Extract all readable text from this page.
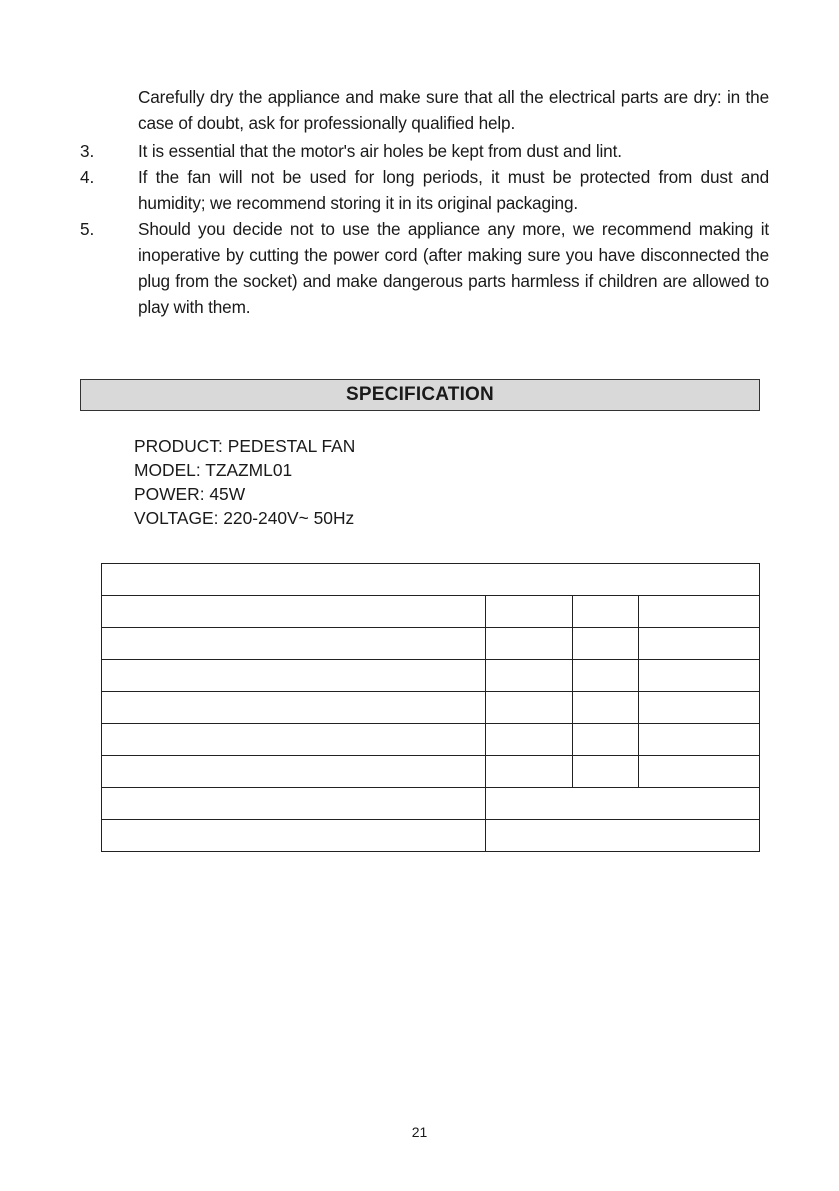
Carefully dry the appliance and make sure that all the electrical parts are dry: in the case of doubt, ask for professionally qualified help.
3.	It is essential that the motor's air holes be kept from dust and lint.
4.	If the fan will not be used for long periods, it must be protected from dust and humidity; we recommend storing it in its original packaging.
5.	Should you decide not to use the appliance any more, we recommend making it inoperative by cutting the power cord (after making sure you have disconnected the plug from the socket) and make dangerous parts harmless if children are allowed to play with them.
SPECIFICATION
PRODUCT: PEDESTAL FAN
MODEL: TZAZML01
POWER: 45W
VOLTAGE: 220-240V~ 50Hz

21
